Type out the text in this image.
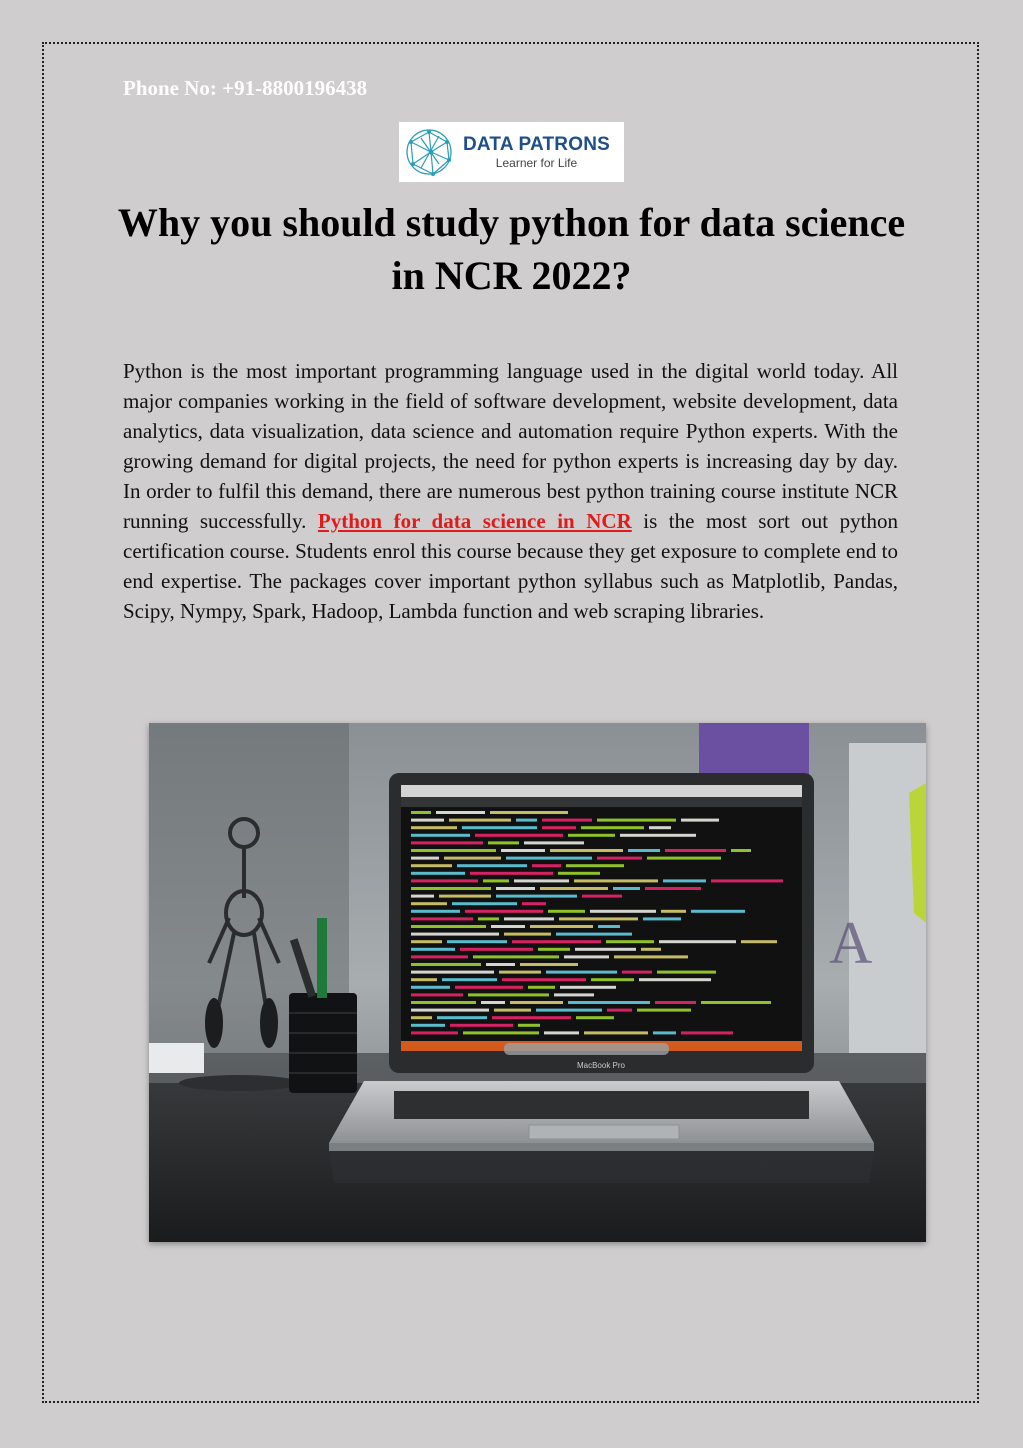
Phone No: +91-8800196438
DATA PATRONS
Learner for Life
Why you should study python for data science in NCR 2022?
Python is the most important programming language used in the digital world today. All major companies working in the field of software development, website development, data analytics, data visualization, data science and automation require Python experts. With the growing demand for digital projects, the need for python experts is increasing day by day. In order to fulfil this demand, there are numerous best python training course institute NCR running successfully. Python for data science in NCR is the most sort out python certification course. Students enrol this course because they get exposure to complete end to end expertise. The packages cover important python syllabus such as Matplotlib, Pandas, Scipy, Nympy, Spark, Hadoop, Lambda function and web scraping libraries.
A
MacBook Pro
